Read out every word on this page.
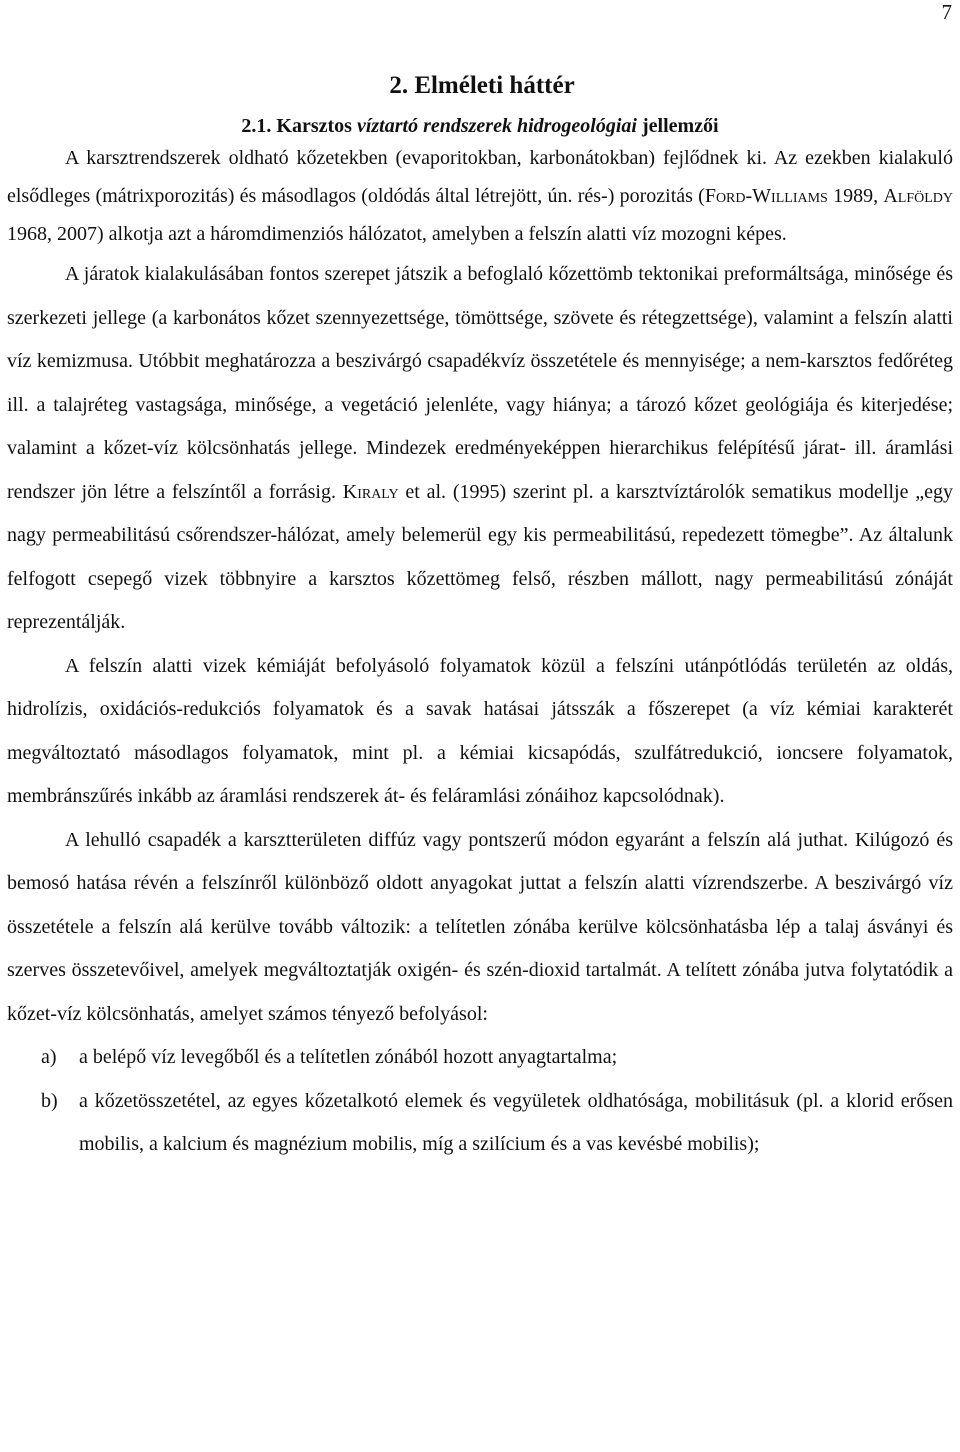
7
2. Elméleti háttér
2.1. Karsztos víztartó rendszerek hidrogeológiai jellemzői

A karsztrendszerek oldható kőzetekben (evaporitokban, karbonátokban) fejlődnek ki. Az ezekben kialakuló elsődleges (mátrixporozitás) és másodlagos (oldódás által létrejött, ún. rés-) porozitás (Ford-Williams 1989, Alföldy 1968, 2007) alkotja azt a háromdimenziós hálózatot, amelyben a felszín alatti víz mozogni képes.

A járatok kialakulásában fontos szerepet játszik a befoglaló kőzettömb tektonikai preformáltsága, minősége és szerkezeti jellege (a karbonátos kőzet szennyezettsége, tömöttsége, szövete és rétegzettsége), valamint a felszín alatti víz kemizmusa. Utóbbit meghatározza a beszivárgó csapadékvíz összetétele és mennyisége; a nem-karsztos fedőréteg ill. a talajréteg vastagsága, minősége, a vegetáció jelenléte, vagy hiánya; a tározó kőzet geológiája és kiterjedése; valamint a kőzet-víz kölcsönhatás jellege. Mindezek eredményeképpen hierarchikus felépítésű járat- ill. áramlási rendszer jön létre a felszíntől a forrásig. Kiraly et al. (1995) szerint pl. a karsztvíztárolók sematikus modellje „egy nagy permeabilitású csőrendszer-hálózat, amely belemerül egy kis permeabilitású, repedezett tömegbe”. Az általunk felfogott csepegő vizek többnyire a karsztos kőzettömeg felső, részben mállott, nagy permeabilitású zónáját reprezentálják.

A felszín alatti vizek kémiáját befolyásoló folyamatok közül a felszíni utánpótlódás területén az oldás, hidrolízis, oxidációs-redukciós folyamatok és a savak hatásai játsszák a főszerepet (a víz kémiai karakterét megváltoztató másodlagos folyamatok, mint pl. a kémiai kicsapódás, szulfátredukció, ioncsere folyamatok, membránszűrés inkább az áramlási rendszerek át- és feláramlási zónáihoz kapcsolódnak).

A lehulló csapadék a karsztterületen diffúz vagy pontszerű módon egyaránt a felszín alá juthat. Kilúgozó és bemosó hatása révén a felszínről különböző oldott anyagokat juttat a felszín alatti vízrendszerbe. A beszivárgó víz összetétele a felszín alá kerülve tovább változik: a telítetlen zónába kerülve kölcsönhatásba lép a talaj ásványi és szerves összetevőivel, amelyek megváltoztatják oxigén- és szén-dioxid tartalmát. A telített zónába jutva folytatódik a kőzet-víz kölcsönhatás, amelyet számos tényező befolyásol:

a) a belépő víz levegőből és a telítetlen zónából hozott anyagtartalma;
b) a kőzetösszetétel, az egyes kőzetalkotó elemek és vegyületek oldhatósága, mobilitásuk (pl. a klorid erősen mobilis, a kalcium és magnézium mobilis, míg a szilícium és a vas kevésbé mobilis);
